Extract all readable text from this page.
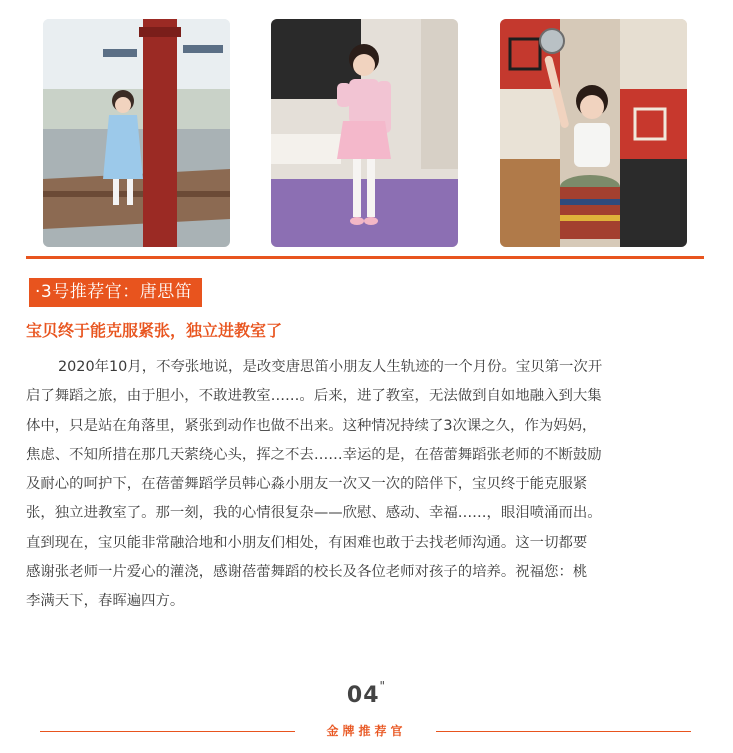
·3号推荐官：唐思笛
宝贝终于能克服紧张，独立进教室了
2020年10月，不夸张地说，是改变唐思笛小朋友人生轨迹的一个月份。宝贝第一次开
启了舞蹈之旅，由于胆小，不敢进教室……。后来，进了教室，无法做到自如地融入到大集
体中，只是站在角落里，紧张到动作也做不出来。这种情况持续了3次课之久，作为妈妈，
焦虑、不知所措在那几天萦绕心头，挥之不去……幸运的是，在蓓蕾舞蹈张老师的不断鼓励
及耐心的呵护下，在蓓蕾舞蹈学员韩心淼小朋友一次又一次的陪伴下，宝贝终于能克服紧
张，独立进教室了。那一刻，我的心情很复杂——欣慰、感动、幸福……，眼泪喷涌而出。
直到现在，宝贝能非常融洽地和小朋友们相处，有困难也敢于去找老师沟通。这一切都要
感谢张老师一片爱心的灌浇，感谢蓓蕾舞蹈的校长及各位老师对孩子的培养。祝福您：桃
李满天下，春晖遍四方。
04"
金牌推荐官
